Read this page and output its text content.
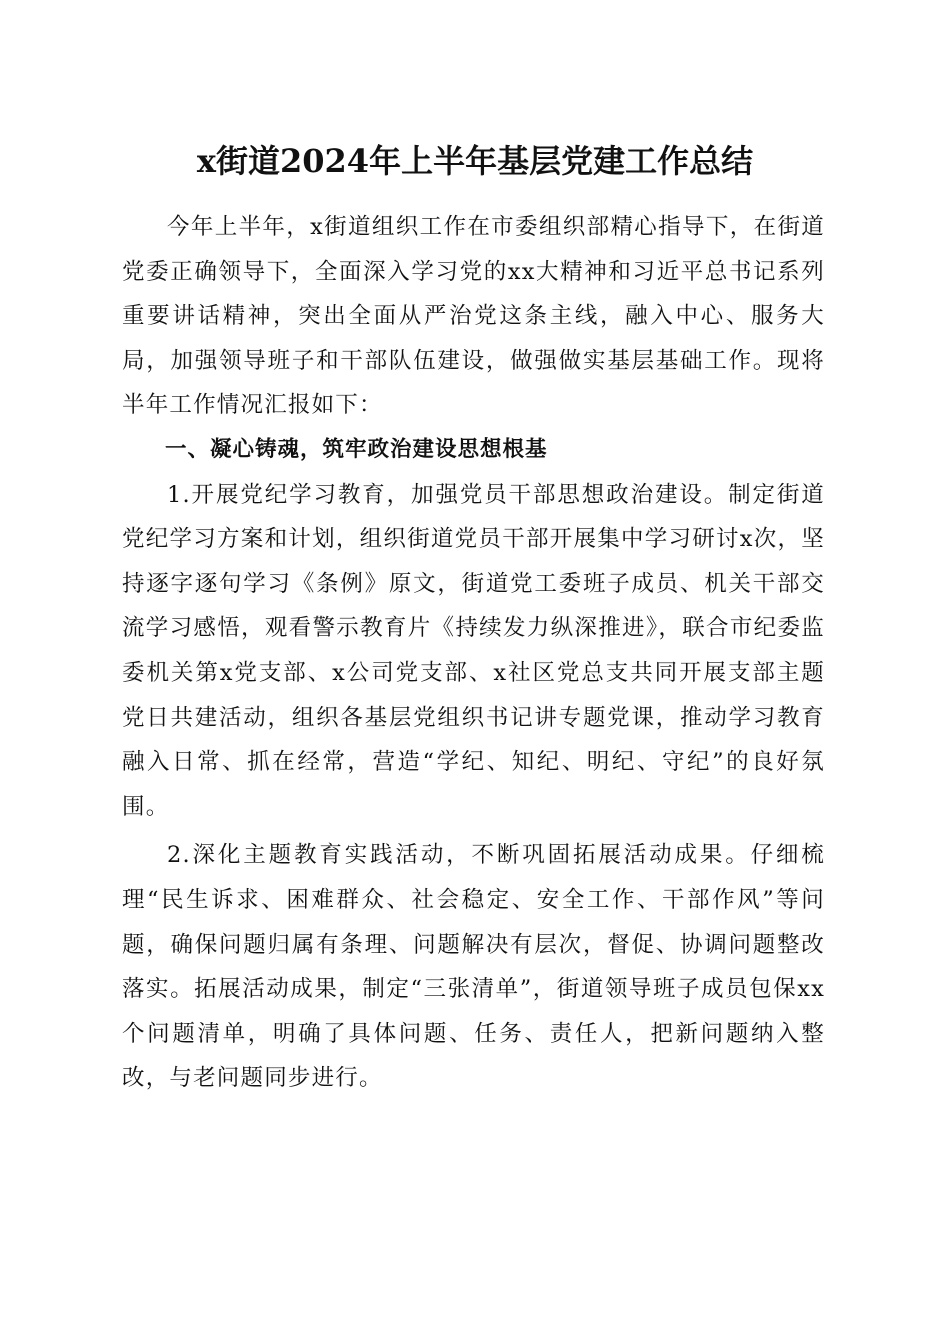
x街道2024年上半年基层党建工作总结

今年上半年，x街道组织工作在市委组织部精心指导下，在街道党委正确领导下，全面深入学习党的xx大精神和习近平总书记系列重要讲话精神，突出全面从严治党这条主线，融入中心、服务大局，加强领导班子和干部队伍建设，做强做实基层基础工作。现将半年工作情况汇报如下：

一、凝心铸魂，筑牢政治建设思想根基

1.开展党纪学习教育，加强党员干部思想政治建设。制定街道党纪学习方案和计划，组织街道党员干部开展集中学习研讨x次，坚持逐字逐句学习《条例》原文，街道党工委班子成员、机关干部交流学习感悟，观看警示教育片《持续发力纵深推进》，联合市纪委监委机关第x党支部、x公司党支部、x社区党总支共同开展支部主题党日共建活动，组织各基层党组织书记讲专题党课，推动学习教育融入日常、抓在经常，营造“学纪、知纪、明纪、守纪”的良好氛围。

2.深化主题教育实践活动，不断巩固拓展活动成果。仔细梳理“民生诉求、困难群众、社会稳定、安全工作、干部作风”等问题，确保问题归属有条理、问题解决有层次，督促、协调问题整改落实。拓展活动成果，制定“三张清单”，街道领导班子成员包保xx个问题清单，明确了具体问题、任务、责任人，把新问题纳入整改，与老问题同步进行。
